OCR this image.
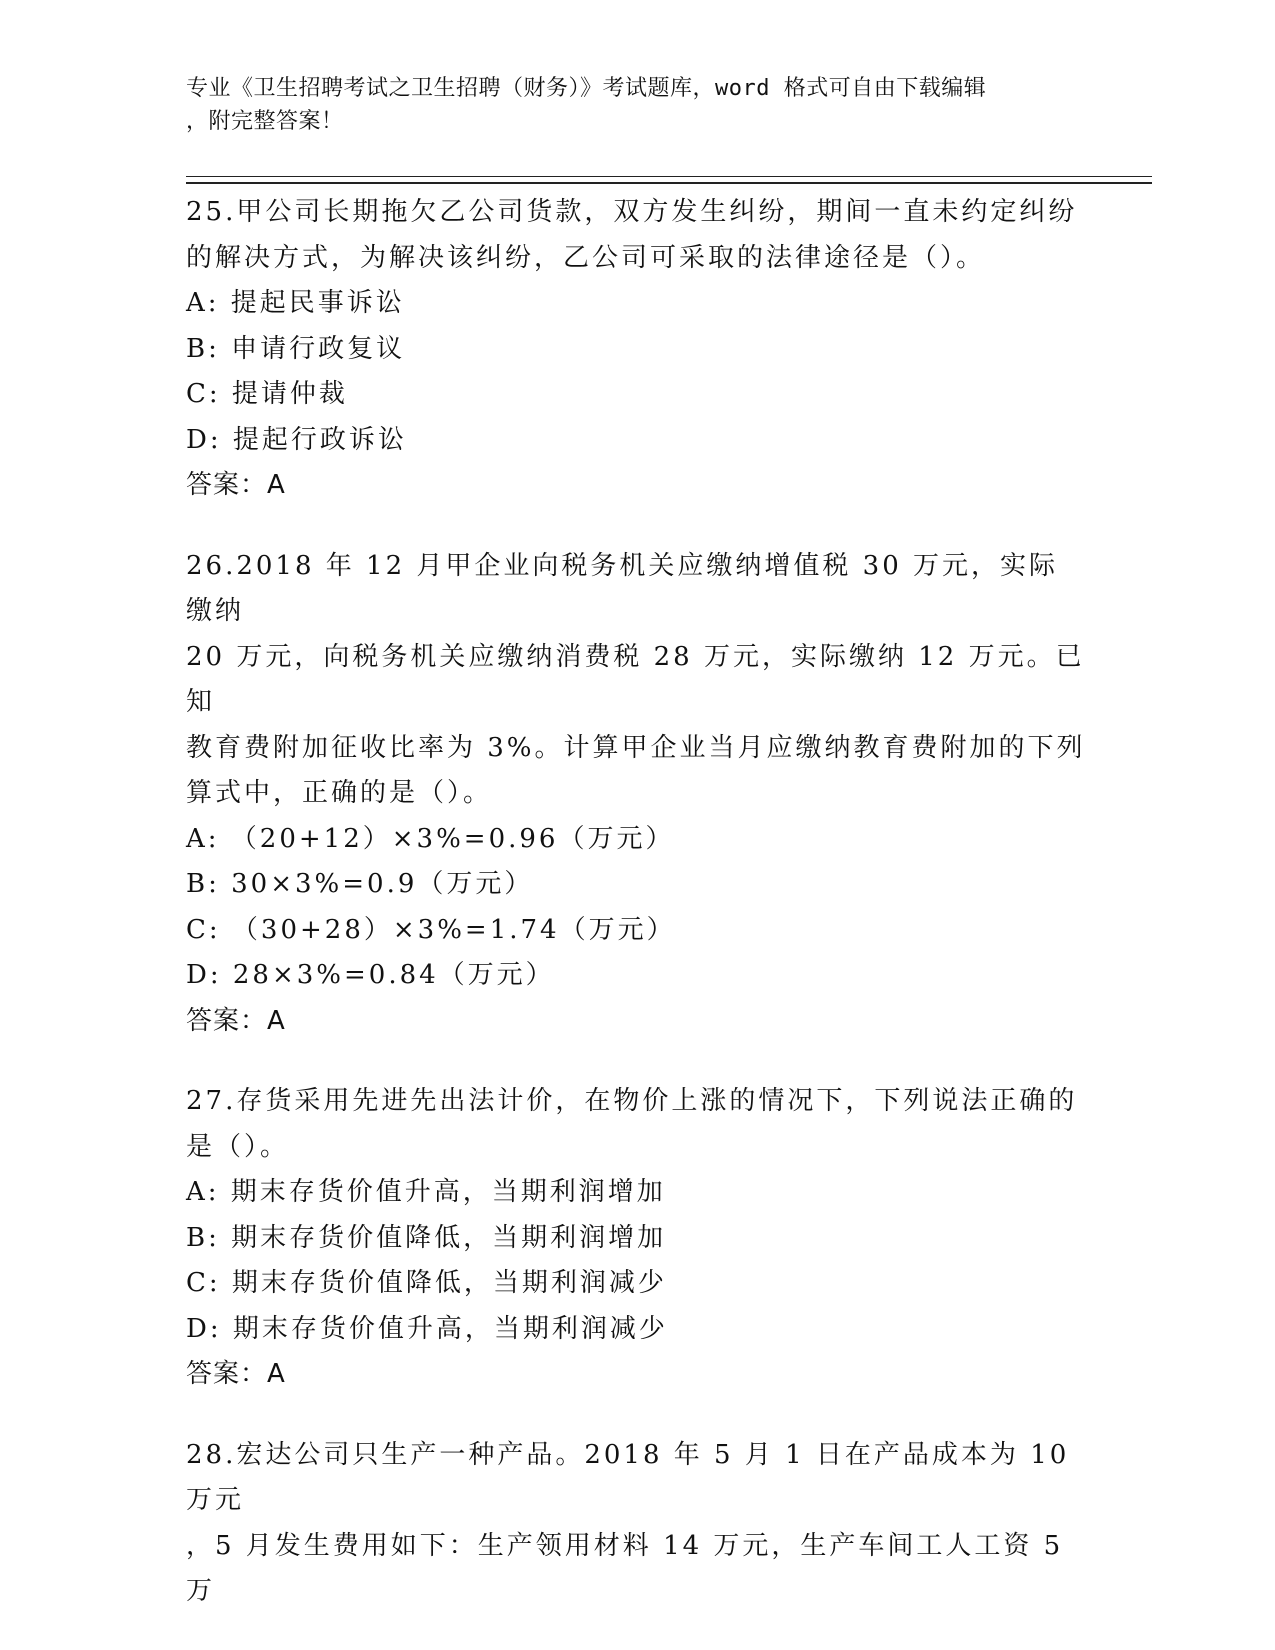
专业《卫生招聘考试之卫生招聘（财务）》考试题库，word 格式可自由下载编辑
，附完整答案！

25.甲公司长期拖欠乙公司货款，双方发生纠纷，期间一直未约定纠纷

的解决方式，为解决该纠纷，乙公司可采取的法律途径是（）。

A: 提起民事诉讼

B: 申请行政复议

C: 提请仲裁

D: 提起行政诉讼

答案：A

26.2018 年 12 月甲企业向税务机关应缴纳增值税 30 万元，实际缴纳

20 万元，向税务机关应缴纳消费税 28 万元，实际缴纳 12 万元。已知

教育费附加征收比率为 3%。计算甲企业当月应缴纳教育费附加的下列

算式中，正确的是（）。

A: （20+12）×3%=0.96（万元）

B: 30×3%=0.9（万元）

C: （30+28）×3%=1.74（万元）

D: 28×3%=0.84（万元）

答案：A

27.存货采用先进先出法计价，在物价上涨的情况下，下列说法正确的

是（）。

A: 期末存货价值升高，当期利润增加

B: 期末存货价值降低，当期利润增加

C: 期末存货价值降低，当期利润减少

D: 期末存货价值升高，当期利润减少

答案：A

28.宏达公司只生产一种产品。2018 年 5 月 1 日在产品成本为 10 万元

，5 月发生费用如下：生产领用材料 14 万元，生产车间工人工资 5 万
